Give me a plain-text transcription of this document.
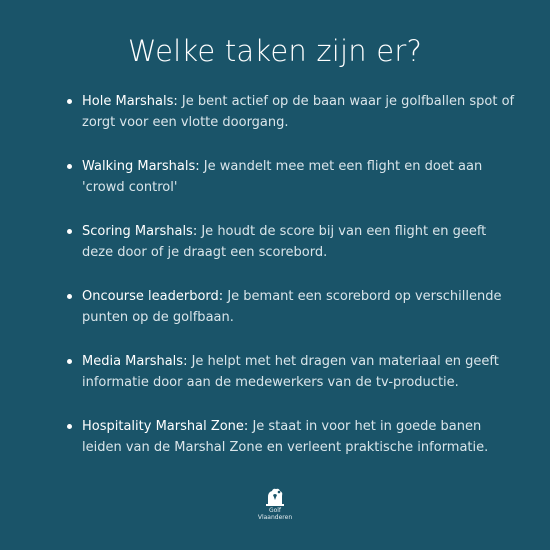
Welke taken zijn er?
Hole Marshals: Je bent actief op de baan waar je golfballen spot of zorgt voor een vlotte doorgang.
Walking Marshals: Je wandelt mee met een flight en doet aan 'crowd control'
Scoring Marshals: Je houdt de score bij van een flight en geeft deze door of je draagt een scorebord.
Oncourse leaderbord: Je bemant een scorebord op verschillende punten op de golfbaan.
Media Marshals: Je helpt met het dragen van materiaal en geeft informatie door aan de medewerkers van de tv-productie.
Hospitality Marshal Zone: Je staat in voor het in goede banen leiden van de Marshal Zone en verleent praktische informatie.
Golf
Vlaanderen
